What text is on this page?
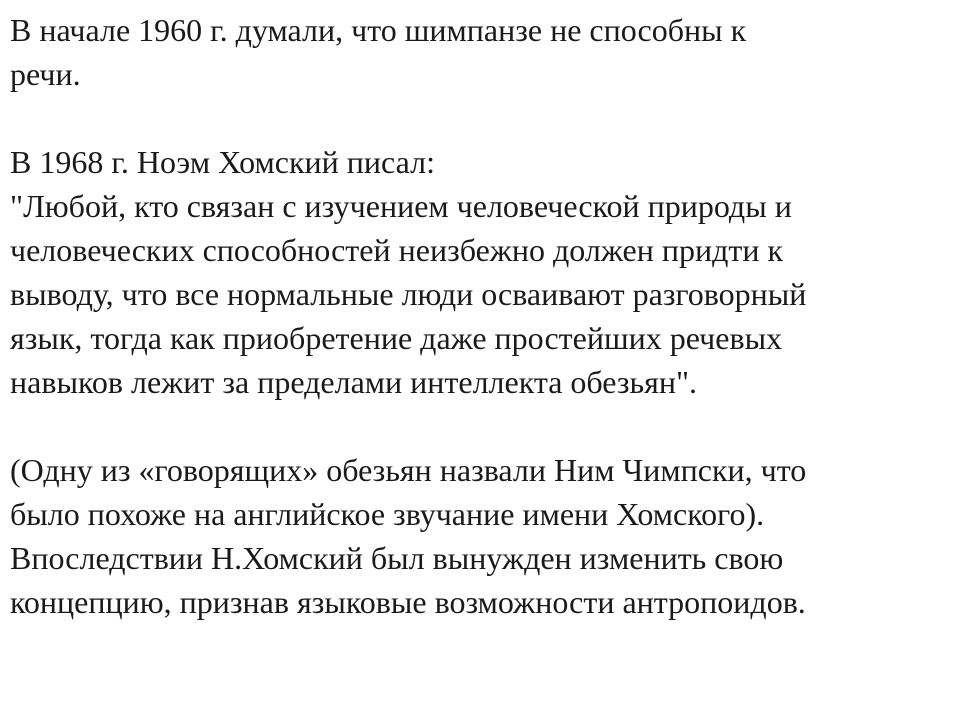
В начале 1960 г. думали, что шимпанзе не способны к
речи.

В 1968 г. Ноэм Хомский писал:
"Любой, кто связан с изучением человеческой природы и
человеческих способностей неизбежно должен придти к
выводу, что все нормальные люди осваивают разговорный
язык, тогда как приобретение даже простейших речевых
навыков лежит за пределами интеллекта обезьян".

(Одну из «говорящих» обезьян назвали Ним Чимпски, что
было похоже на английское звучание имени Хомского).
Впоследствии Н.Хомский был вынужден изменить свою
концепцию, признав языковые возможности антропоидов.
